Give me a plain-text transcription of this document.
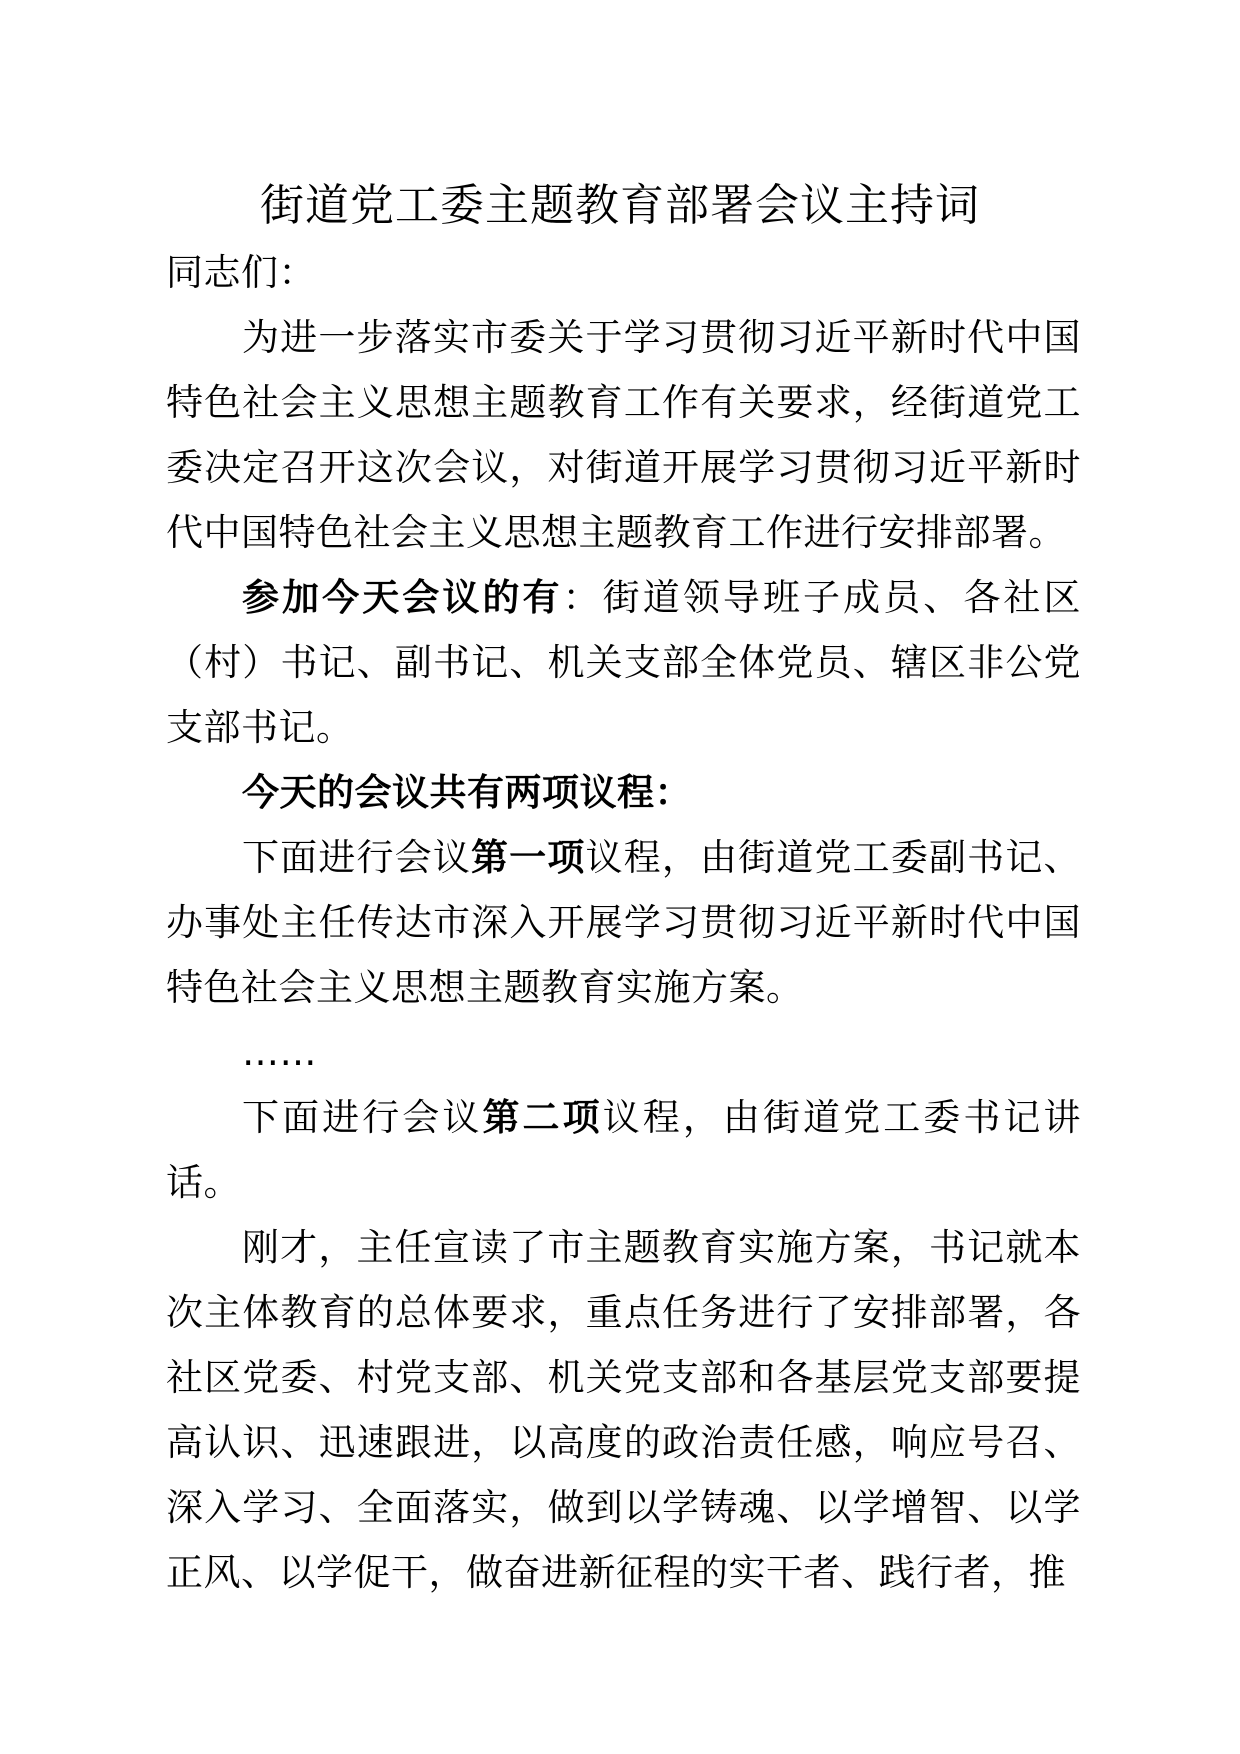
街道党工委主题教育部署会议主持词

同志们：

为进一步落实市委关于学习贯彻习近平新时代中国特色社会主义思想主题教育工作有关要求，经街道党工委决定召开这次会议，对街道开展学习贯彻习近平新时代中国特色社会主义思想主题教育工作进行安排部署。

参加今天会议的有：街道领导班子成员、各社区（村）书记、副书记、机关支部全体党员、辖区非公党支部书记。

今天的会议共有两项议程：

下面进行会议第一项议程，由街道党工委副书记、办事处主任传达市深入开展学习贯彻习近平新时代中国特色社会主义思想主题教育实施方案。

……

下面进行会议第二项议程，由街道党工委书记讲话。

刚才，主任宣读了市主题教育实施方案，书记就本次主体教育的总体要求，重点任务进行了安排部署，各社区党委、村党支部、机关党支部和各基层党支部要提高认识、迅速跟进，以高度的政治责任感，响应号召、深入学习、全面落实，做到以学铸魂、以学增智、以学正风、以学促干，做奋进新征程的实干者、践行者，推
